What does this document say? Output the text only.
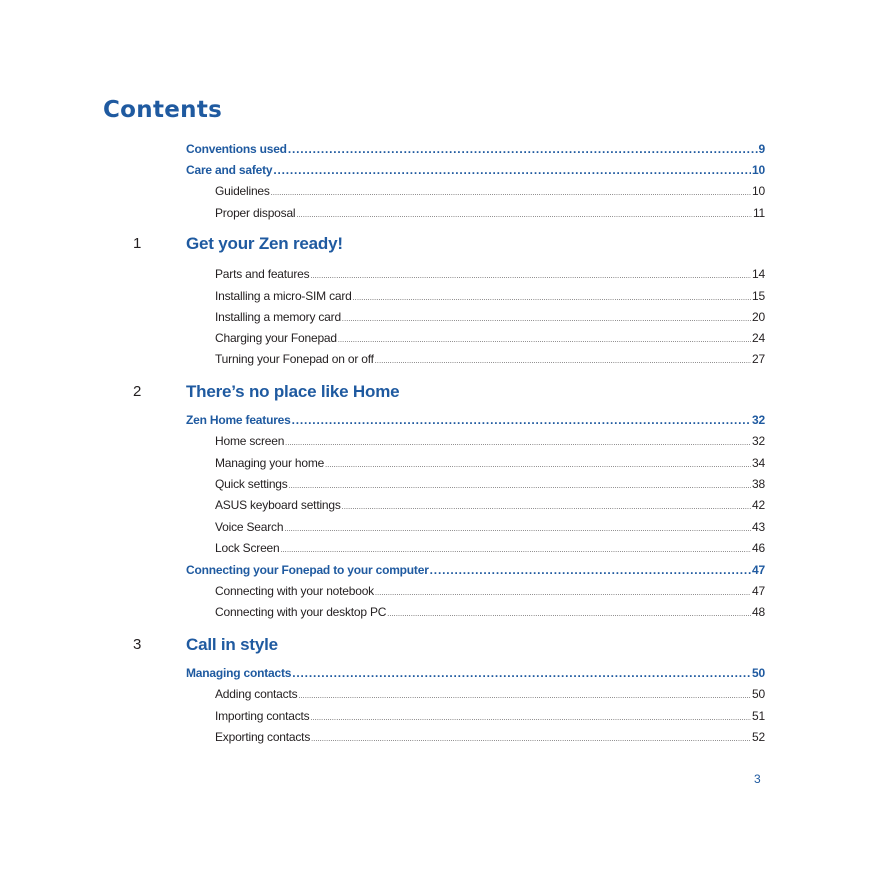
Contents
Conventions used .....	9
Care and safety .....	10
Guidelines .....	10
Proper disposal .....	11
1	Get your Zen ready!
Parts and features .....	14
Installing a micro-SIM card .....	15
Installing a memory card .....	20
Charging your Fonepad .....	24
Turning your Fonepad on or off .....	27
2	There’s no place like Home
Zen Home features .....	32
Home screen .....	32
Managing your home .....	34
Quick settings .....	38
ASUS keyboard settings .....	42
Voice Search .....	43
Lock Screen .....	46
Connecting your Fonepad to your computer .....	47
Connecting with your notebook .....	47
Connecting with your desktop PC .....	48
3	Call in style
Managing contacts .....	50
Adding contacts .....	50
Importing contacts .....	51
Exporting contacts .....	52
3
